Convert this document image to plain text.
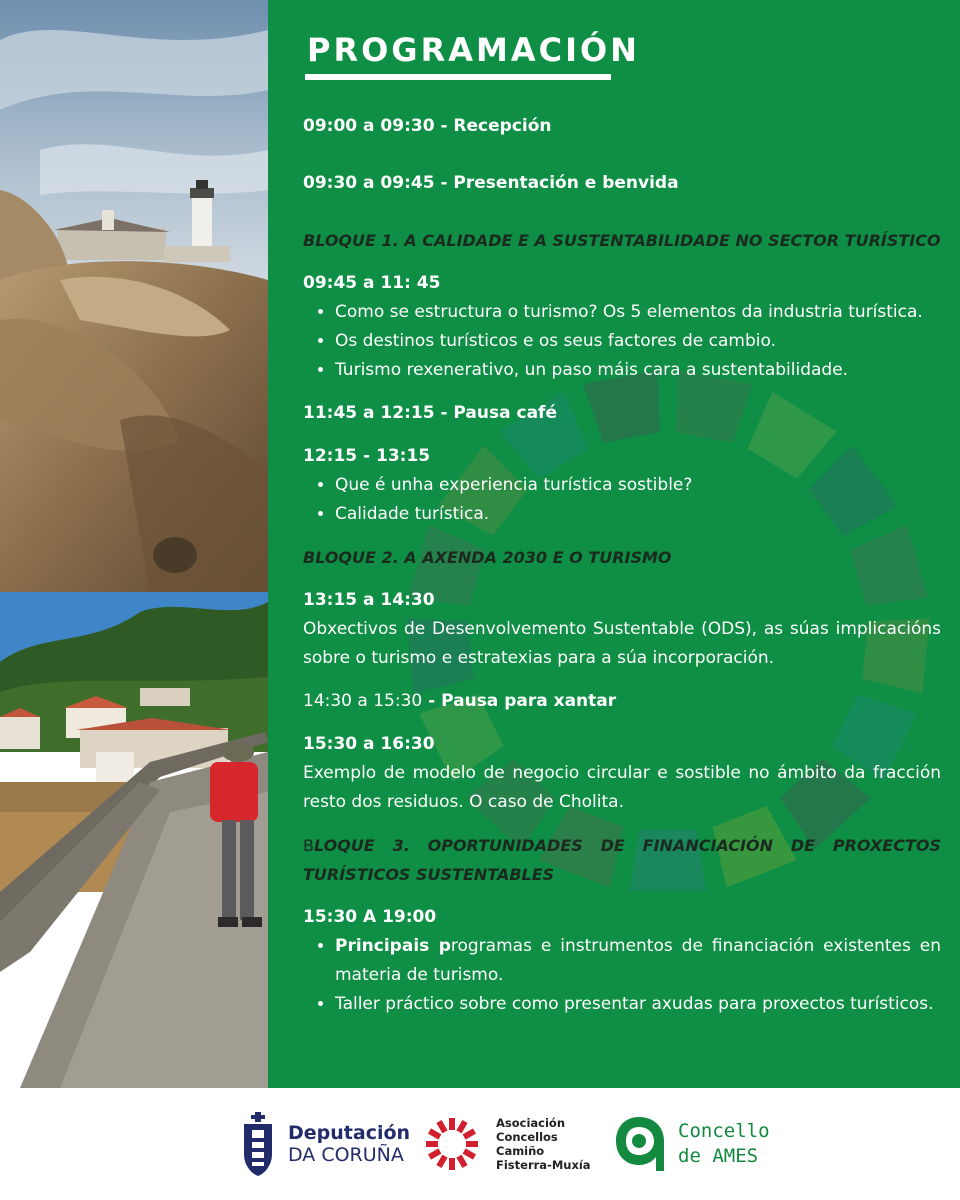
PROGRAMACIÓN

09:00 a 09:30 - Recepción

09:30 a 09:45 - Presentación e benvida

BLOQUE 1. A CALIDADE E A SUSTENTABILIDADE NO SECTOR TURÍSTICO

09:45 a 11: 45

• Como se estructura o turismo? Os 5 elementos da industria turística.
• Os destinos turísticos e os seus factores de cambio.
• Turismo rexenerativo, un paso máis cara a sustentabilidade.

11:45 a 12:15 - Pausa café

12:15 - 13:15

• Que é unha experiencia turística sostible?
• Calidade turística.

BLOQUE 2. A AXENDA 2030 E O TURISMO

13:15 a 14:30

Obxectivos de Desenvolvemento Sustentable (ODS), as súas implicacións sobre o turismo e estratexias para a súa incorporación.

14:30 a 15:30 - Pausa para xantar

15:30 a 16:30

Exemplo de modelo de negocio circular e sostible no ámbito da fracción resto dos residuos. O caso de Cholita.

BLOQUE 3. OPORTUNIDADES DE FINANCIACIÓN DE PROXECTOS TURÍSTICOS SUSTENTABLES

15:30 A 19:00

• Principais programas e instrumentos de financiación existentes en materia de turismo.
• Taller práctico sobre como presentar axudas para proxectos turísticos.
Deputación
DA CORUÑA
Asociación
Concellos
Camiño
Fisterra-Muxía
Concello
de AMES
